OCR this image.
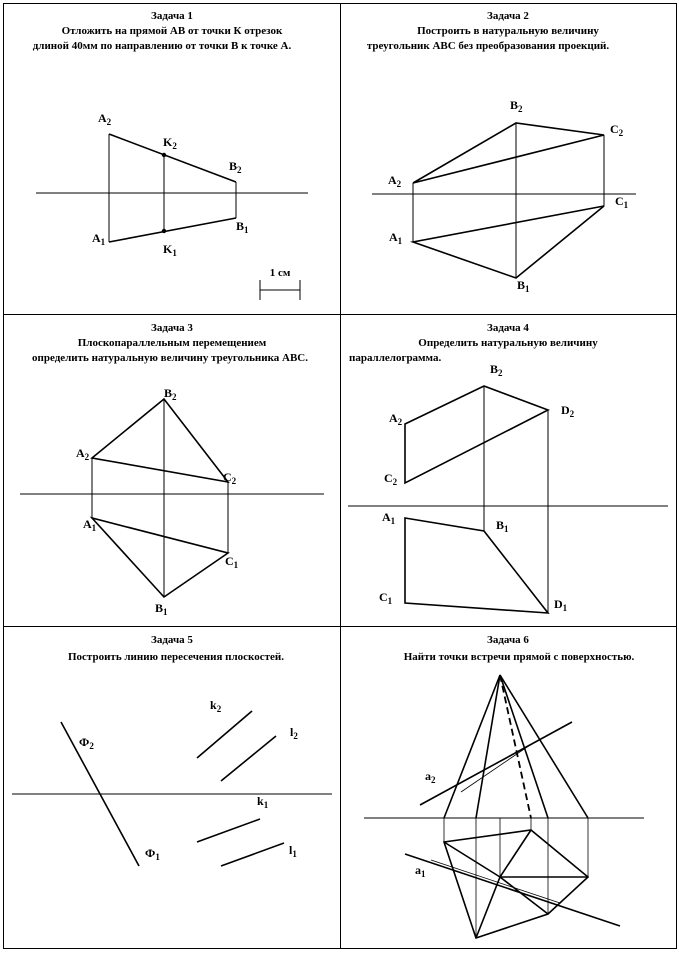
Задача 1
Отложить на прямой АВ от точки К отрезок
длиной 40мм по направлению от точки В к точке А.
$A_2$
$K_2$
$B_2$
$A_1$	$K_1$
$B_1$
1 см
Задача 2
Построить в натуральную величину
треугольник АВС без преобразования проекций.
$A_2$
$B_2$
$C_2$
$A_1$
$B_1$
$C_1$
Задача 3
Плоскопараллельным перемещением
определить натуральную величину треугольника АВС.
$A_2$
$B_2$
$C_2$
$A_1$
$B_1$
$C_1$
Задача 4
Определить натуральную величину
параллелограмма.
$A_2$
$B_2$
$C_2$
$D_2$
$A_1$	$B_1$
$C_1$	$D_1$
Задача 5
Построить линию пересечения плоскостей.
$Ф_2$
$Ф_1$
$k_2$
$l_2$
$k_1$
$l_1$
Задача 6
Найти точки встречи прямой с поверхностью.
$a_2$
$a_1$
